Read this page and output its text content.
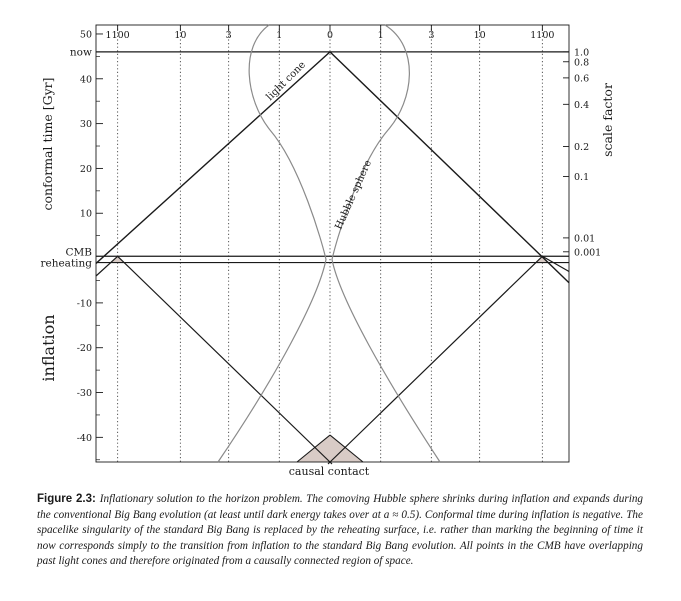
conformal time [Gyr]
inflation
scale factor
causal contact
light cone
Hubble sphere
50
40
30
20
10
-10
-20
-30
-40
now
CMB
reheating
1.0
0.8
0.6
0.4
0.2
0.1
0.01
0.001
1100	10	3	1	0	1	3	10	1100
Figure 2.3: Inflationary solution to the horizon problem. The comoving Hubble sphere shrinks during inflation and expands during the conventional Big Bang evolution (at least until dark energy takes over at a ≈ 0.5). Conformal time during inflation is negative. The spacelike singularity of the standard Big Bang is replaced by the reheating surface, i.e. rather than marking the beginning of time it now corresponds simply to the transition from inflation to the standard Big Bang evolution. All points in the CMB have overlapping past light cones and therefore originated from a causally connected region of space.
